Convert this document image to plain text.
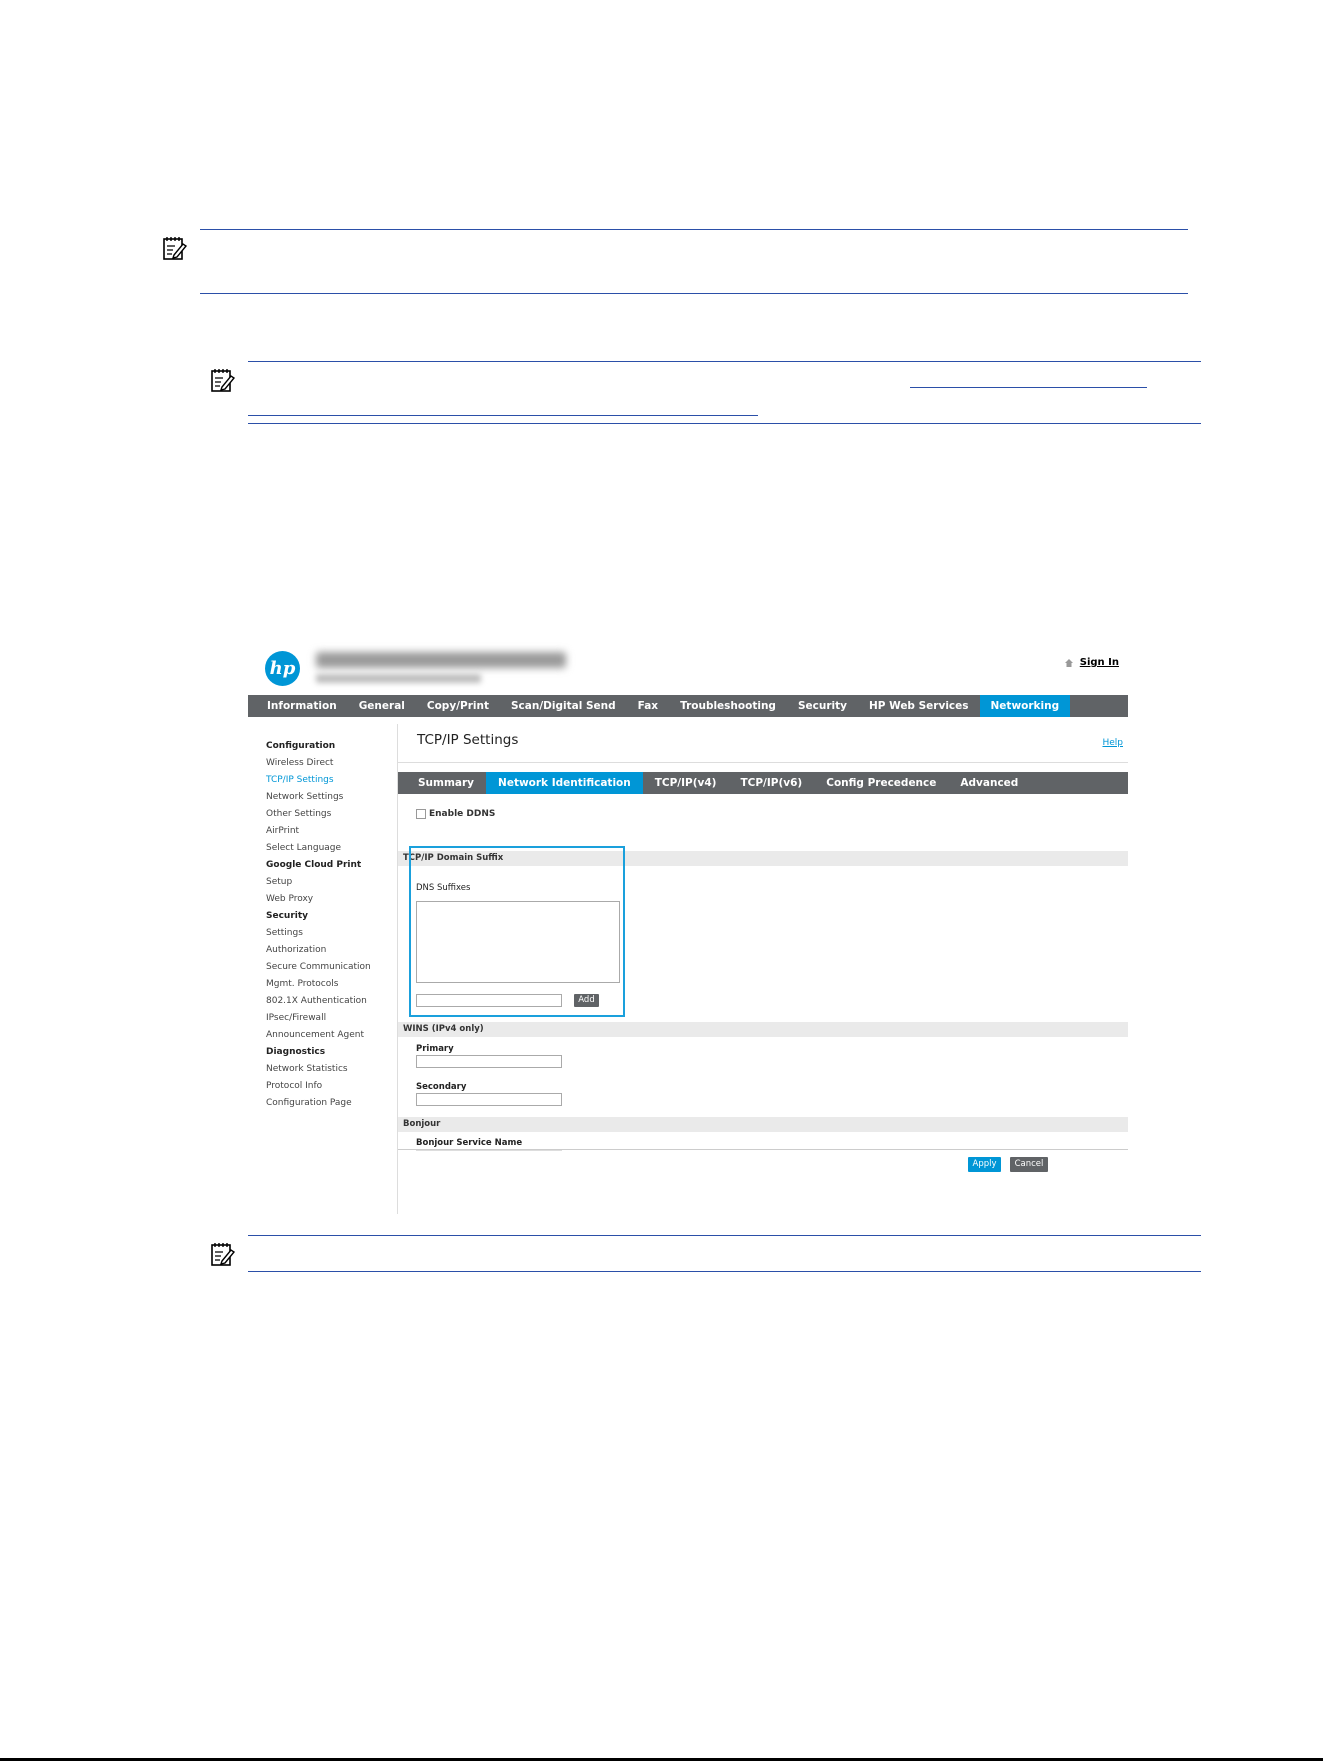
hp	Sign In
Information	General	Copy/Print	Scan/Digital Send	Fax	Troubleshooting	Security	HP Web Services	Networking
Configuration
Wireless Direct
TCP/IP Settings
Network Settings
Other Settings
AirPrint
Select Language
Google Cloud Print
Setup
Web Proxy
Security
Settings
Authorization
Secure Communication
Mgmt. Protocols
802.1X Authentication
IPsec/Firewall
Announcement Agent
Diagnostics
Network Statistics
Protocol Info
Configuration Page
TCP/IP Settings	Help
Summary	Network Identification	TCP/IP(v4)	TCP/IP(v6)	Config Precedence	Advanced
Enable DDNS
TCP/IP Domain Suffix
DNS Suffixes
Add
WINS (IPv4 only)
Primary
Secondary
Bonjour
Bonjour Service Name
Apply	Cancel
